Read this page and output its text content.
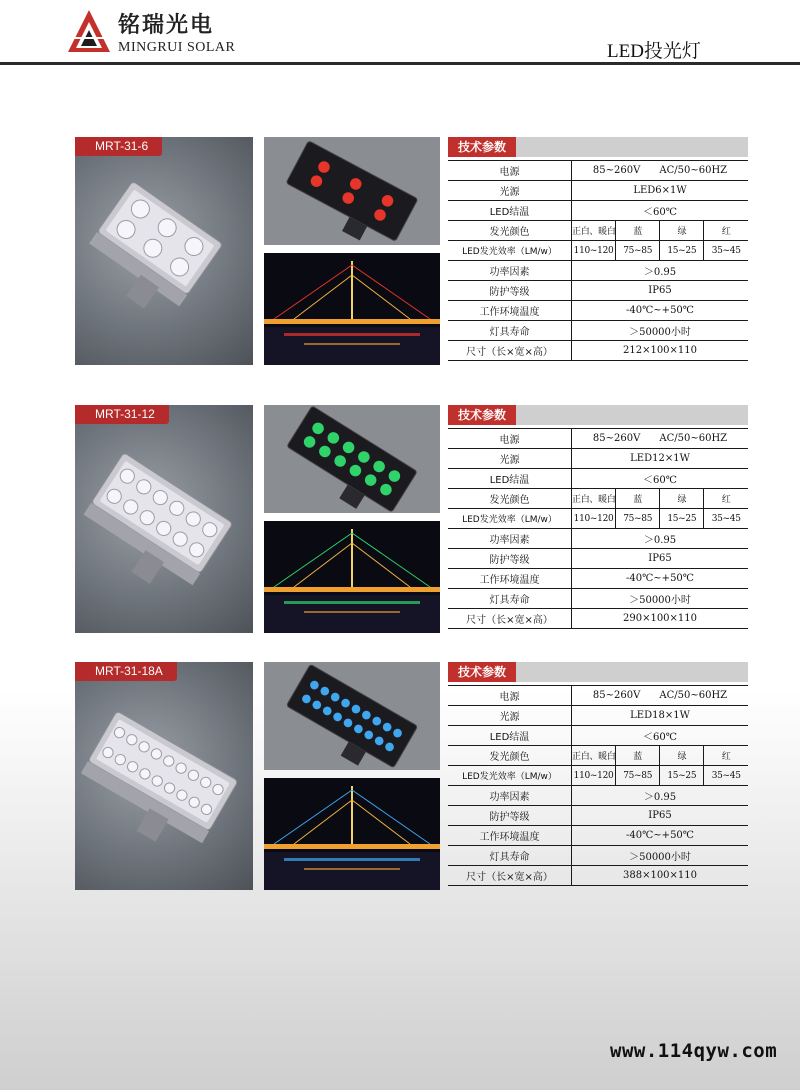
铭瑞光电
MINGRUI SOLAR	LED投光灯
MRT-31-6	技术参数
电源	85~260V AC/50~60HZ			
光源	LED6×1W			
LED结温	＜60℃			
发光颜色	正白、暖白	蓝	绿	红
LED发光效率（LM/w）	110~120	75~85	15~25	35~45
功率因素	＞0.95			
防护等级	IP65			
工作环境温度	-40℃~+50℃			
灯具寿命	＞50000小时			
尺寸（长×宽×高）	212×100×110			
MRT-31-12	技术参数
电源	85~260V AC/50~60HZ			
光源	LED12×1W			
LED结温	＜60℃			
发光颜色	正白、暖白	蓝	绿	红
LED发光效率（LM/w）	110~120	75~85	15~25	35~45
功率因素	＞0.95			
防护等级	IP65			
工作环境温度	-40℃~+50℃			
灯具寿命	＞50000小时			
尺寸（长×宽×高）	290×100×110			
MRT-31-18A	技术参数
电源	85~260V AC/50~60HZ			
光源	LED18×1W			
LED结温	＜60℃			
发光颜色	正白、暖白	蓝	绿	红
LED发光效率（LM/w）	110~120	75~85	15~25	35~45
功率因素	＞0.95			
防护等级	IP65			
工作环境温度	-40℃~+50℃			
灯具寿命	＞50000小时			
尺寸（长×宽×高）	388×100×110			
www.114qyw.com
